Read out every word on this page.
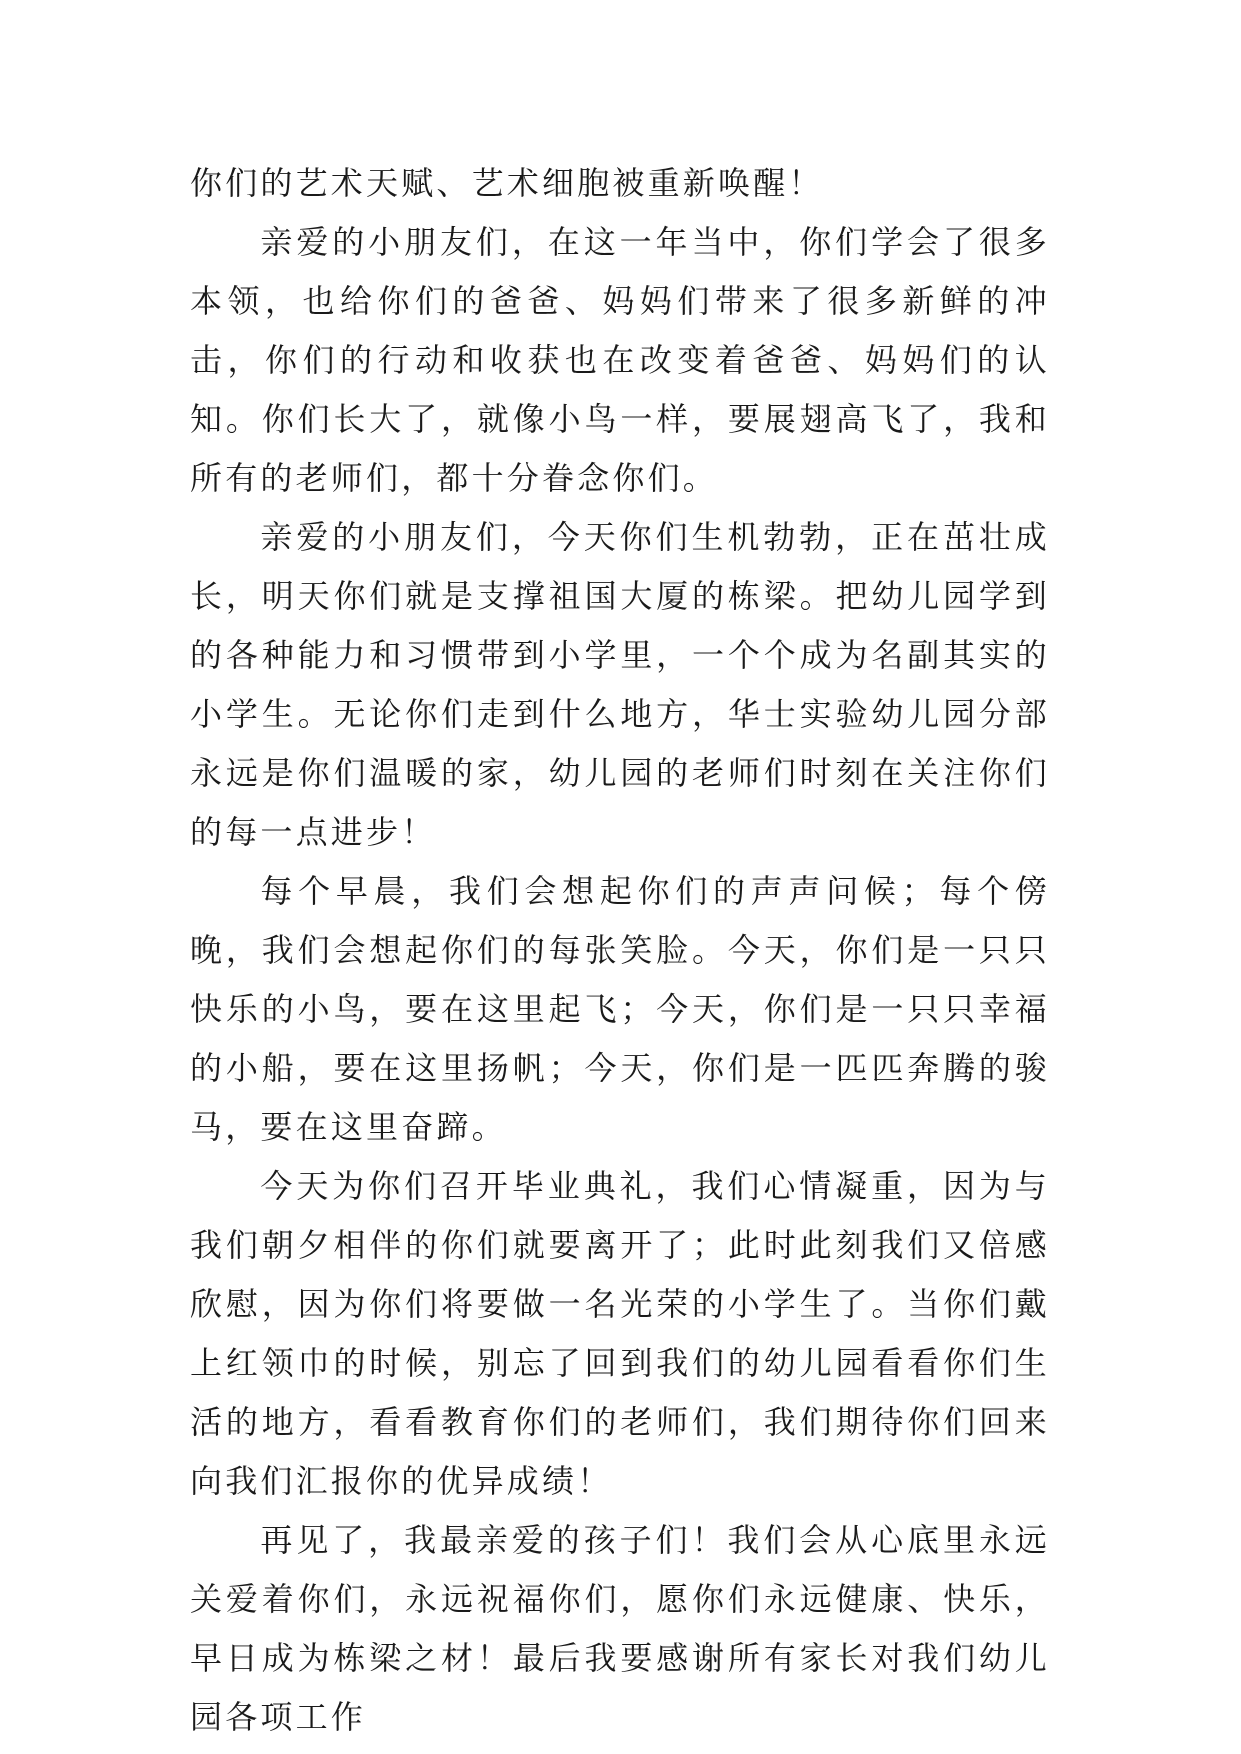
你们的艺术天赋、艺术细胞被重新唤醒！

亲爱的小朋友们，在这一年当中，你们学会了很多本领，也给你们的爸爸、妈妈们带来了很多新鲜的冲击，你们的行动和收获也在改变着爸爸、妈妈们的认知。你们长大了，就像小鸟一样，要展翅高飞了，我和所有的老师们，都十分眷念你们。

亲爱的小朋友们，今天你们生机勃勃，正在茁壮成长，明天你们就是支撑祖国大厦的栋梁。把幼儿园学到的各种能力和习惯带到小学里，一个个成为名副其实的小学生。无论你们走到什么地方，华士实验幼儿园分部永远是你们温暖的家，幼儿园的老师们时刻在关注你们的每一点进步！

每个早晨，我们会想起你们的声声问候；每个傍晚，我们会想起你们的每张笑脸。今天，你们是一只只快乐的小鸟，要在这里起飞；今天，你们是一只只幸福的小船，要在这里扬帆；今天，你们是一匹匹奔腾的骏马，要在这里奋蹄。

今天为你们召开毕业典礼，我们心情凝重，因为与我们朝夕相伴的你们就要离开了；此时此刻我们又倍感欣慰，因为你们将要做一名光荣的小学生了。当你们戴上红领巾的时候，别忘了回到我们的幼儿园看看你们生活的地方，看看教育你们的老师们，我们期待你们回来向我们汇报你的优异成绩！

再见了，我最亲爱的孩子们！我们会从心底里永远关爱着你们，永远祝福你们，愿你们永远健康、快乐，早日成为栋梁之材！最后我要感谢所有家长对我们幼儿园各项工作
